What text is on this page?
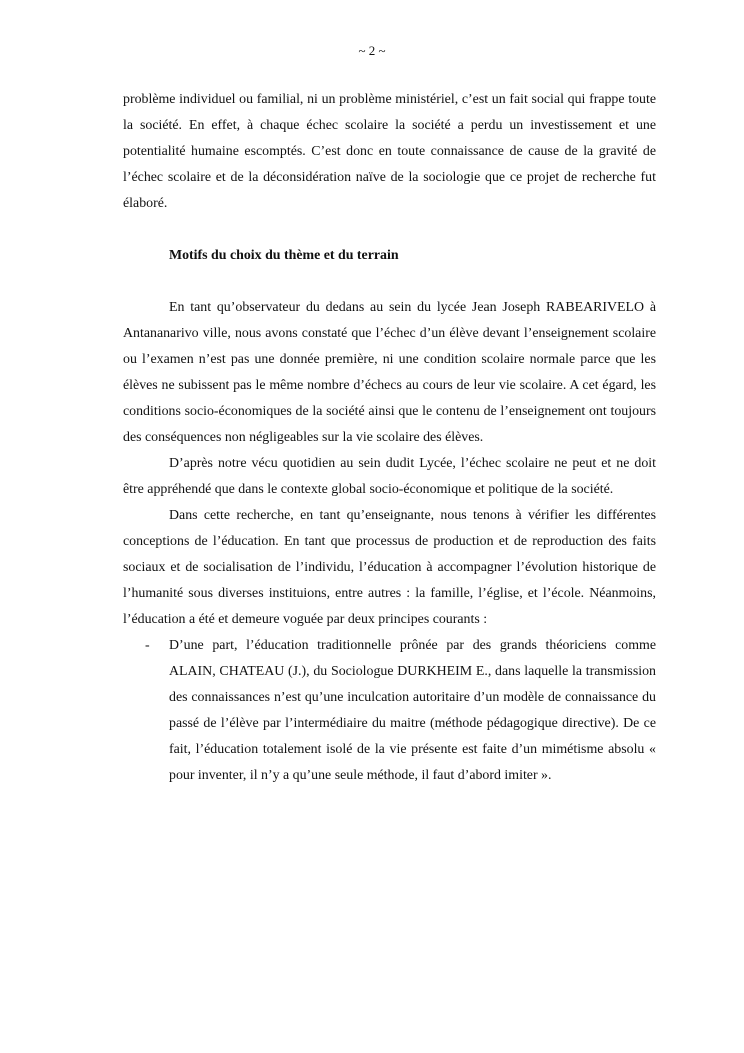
~ 2 ~

problème individuel ou familial, ni un problème ministériel, c’est un fait social qui frappe toute la société. En effet, à chaque échec scolaire la société a perdu un investissement et une potentialité humaine escomptés. C’est donc en toute connaissance de cause de la gravité de l’échec scolaire et de la déconsidération naïve de la sociologie que ce projet de recherche fut élaboré.

Motifs du choix du thème et du terrain

En tant qu’observateur du dedans au sein du lycée Jean Joseph RABEARIVELO à Antananarivo ville, nous avons constaté que l’échec d’un élève devant l’enseignement scolaire ou l’examen n’est pas une donnée première, ni une condition scolaire normale parce que les élèves ne subissent pas le même nombre d’échecs au cours de leur vie scolaire. A cet égard, les conditions socio-économiques de la société ainsi que le contenu de l’enseignement ont toujours des conséquences non négligeables sur la vie scolaire des élèves.

D’après notre vécu quotidien au sein dudit Lycée, l’échec scolaire ne peut et ne doit être appréhendé que dans le contexte global socio-économique et politique de la société.

Dans cette recherche, en tant qu’enseignante, nous tenons à vérifier les différentes conceptions de l’éducation. En tant que processus de production et de reproduction des faits sociaux et de socialisation de l’individu, l’éducation à accompagner l’évolution historique de l’humanité sous diverses instituions, entre autres : la famille, l’église, et l’école. Néanmoins, l’éducation a été et demeure voguée par deux principes courants :

- D’une part, l’éducation traditionnelle prônée par des grands théoriciens comme ALAIN, CHATEAU (J.), du Sociologue DURKHEIM E., dans laquelle la transmission des connaissances n’est qu’une inculcation autoritaire d’un modèle de connaissance du passé de l’élève par l’intermédiaire du maitre (méthode pédagogique directive). De ce fait, l’éducation totalement isolé de la vie présente est faite d’un mimétisme absolu « pour inventer, il n’y a qu’une seule méthode, il faut d’abord imiter ».
